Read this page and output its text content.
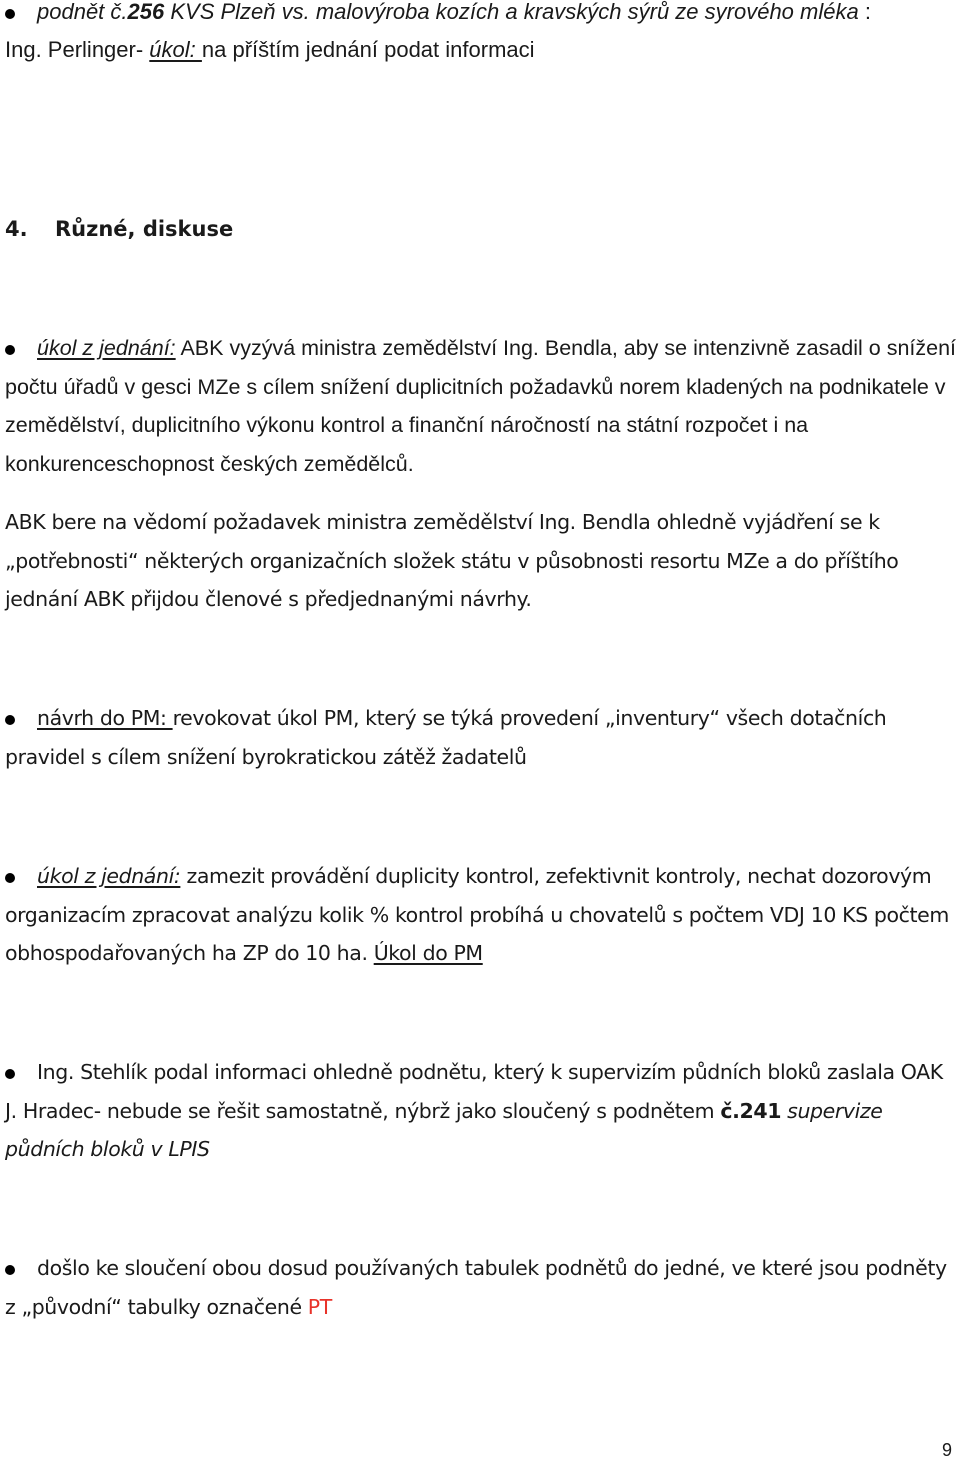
podnět č.256 KVS Plzeň vs. malovýroba kozích a kravských sýrů ze syrového mléka :
Ing. Perlinger- úkol: na příštím jednání podat informaci

4. Různé, diskuse

úkol z jednání: ABK vyzývá ministra zemědělství Ing. Bendla, aby se intenzivně zasadil o snížení počtu úřadů v gesci MZe s cílem snížení duplicitních požadavků norem kladených na podnikatele v zemědělství, duplicitního výkonu kontrol a finanční náročností na státní rozpočet i na konkurenceschopnost českých zemědělců.

ABK bere na vědomí požadavek ministra zemědělství Ing. Bendla ohledně vyjádření se k „potřebnosti“ některých organizačních složek státu v působnosti resortu MZe a do příštího jednání ABK přijdou členové s předjednanými návrhy.

návrh do PM: revokovat úkol PM, který se týká provedení „inventury“ všech dotačních pravidel s cílem snížení byrokratickou zátěž žadatelů

úkol z jednání: zamezit provádění duplicity kontrol, zefektivnit kontroly, nechat dozorovým organizacím zpracovat analýzu kolik % kontrol probíhá u chovatelů s počtem VDJ 10 KS počtem obhospodařovaných ha ZP do 10 ha. Úkol do PM

Ing. Stehlík podal informaci ohledně podnětu, který k supervizím půdních bloků zaslala OAK J. Hradec- nebude se řešit samostatně, nýbrž jako sloučený s podnětem č.241 supervize půdních bloků v LPIS

došlo ke sloučení obou dosud používaných tabulek podnětů do jedné, ve které jsou podněty z „původní“ tabulky označené PT

9
